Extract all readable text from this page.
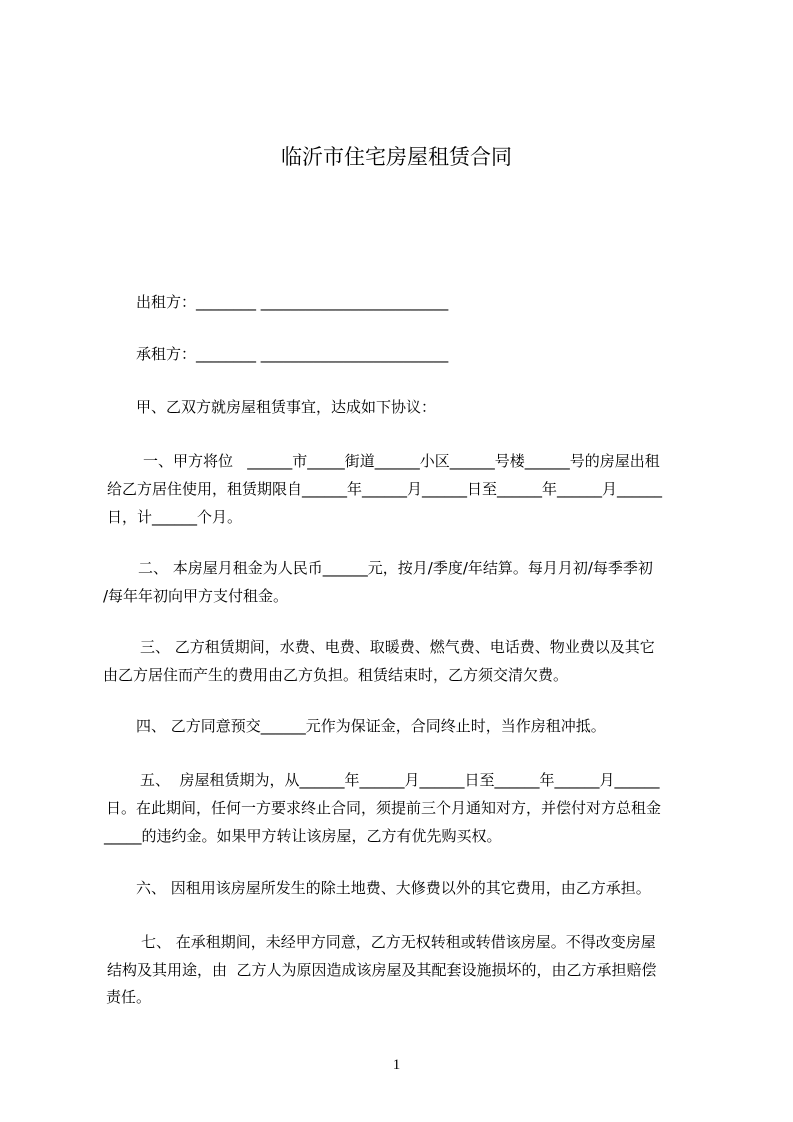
临沂市住宅房屋租赁合同
出租方：________ _________________________
承租方：________ _________________________
甲、乙双方就房屋租赁事宜，达成如下协议：
一、甲方将位   ______市_____街道______小区______号楼______号的房屋出租
给乙方居住使用，租赁期限自______年______月______日至______年______月______
日，计______个月。
二、 本房屋月租金为人民币______元，按月/季度/年结算。每月月初/每季季初
/每年年初向甲方支付租金。
三、 乙方租赁期间，水费、电费、取暖费、燃气费、电话费、物业费以及其它
由乙方居住而产生的费用由乙方负担。租赁结束时，乙方须交清欠费。
四、 乙方同意预交______元作为保证金，合同终止时，当作房租冲抵。
五、  房屋租赁期为，从______年______月______日至______年______月______
日。在此期间，任何一方要求终止合同，须提前三个月通知对方，并偿付对方总租金
_____的违约金。如果甲方转让该房屋，乙方有优先购买权。
六、 因租用该房屋所发生的除土地费、大修费以外的其它费用，由乙方承担。
七、 在承租期间，未经甲方同意，乙方无权转租或转借该房屋。不得改变房屋
结构及其用途，由  乙方人为原因造成该房屋及其配套设施损坏的，由乙方承担赔偿
责任。
1
